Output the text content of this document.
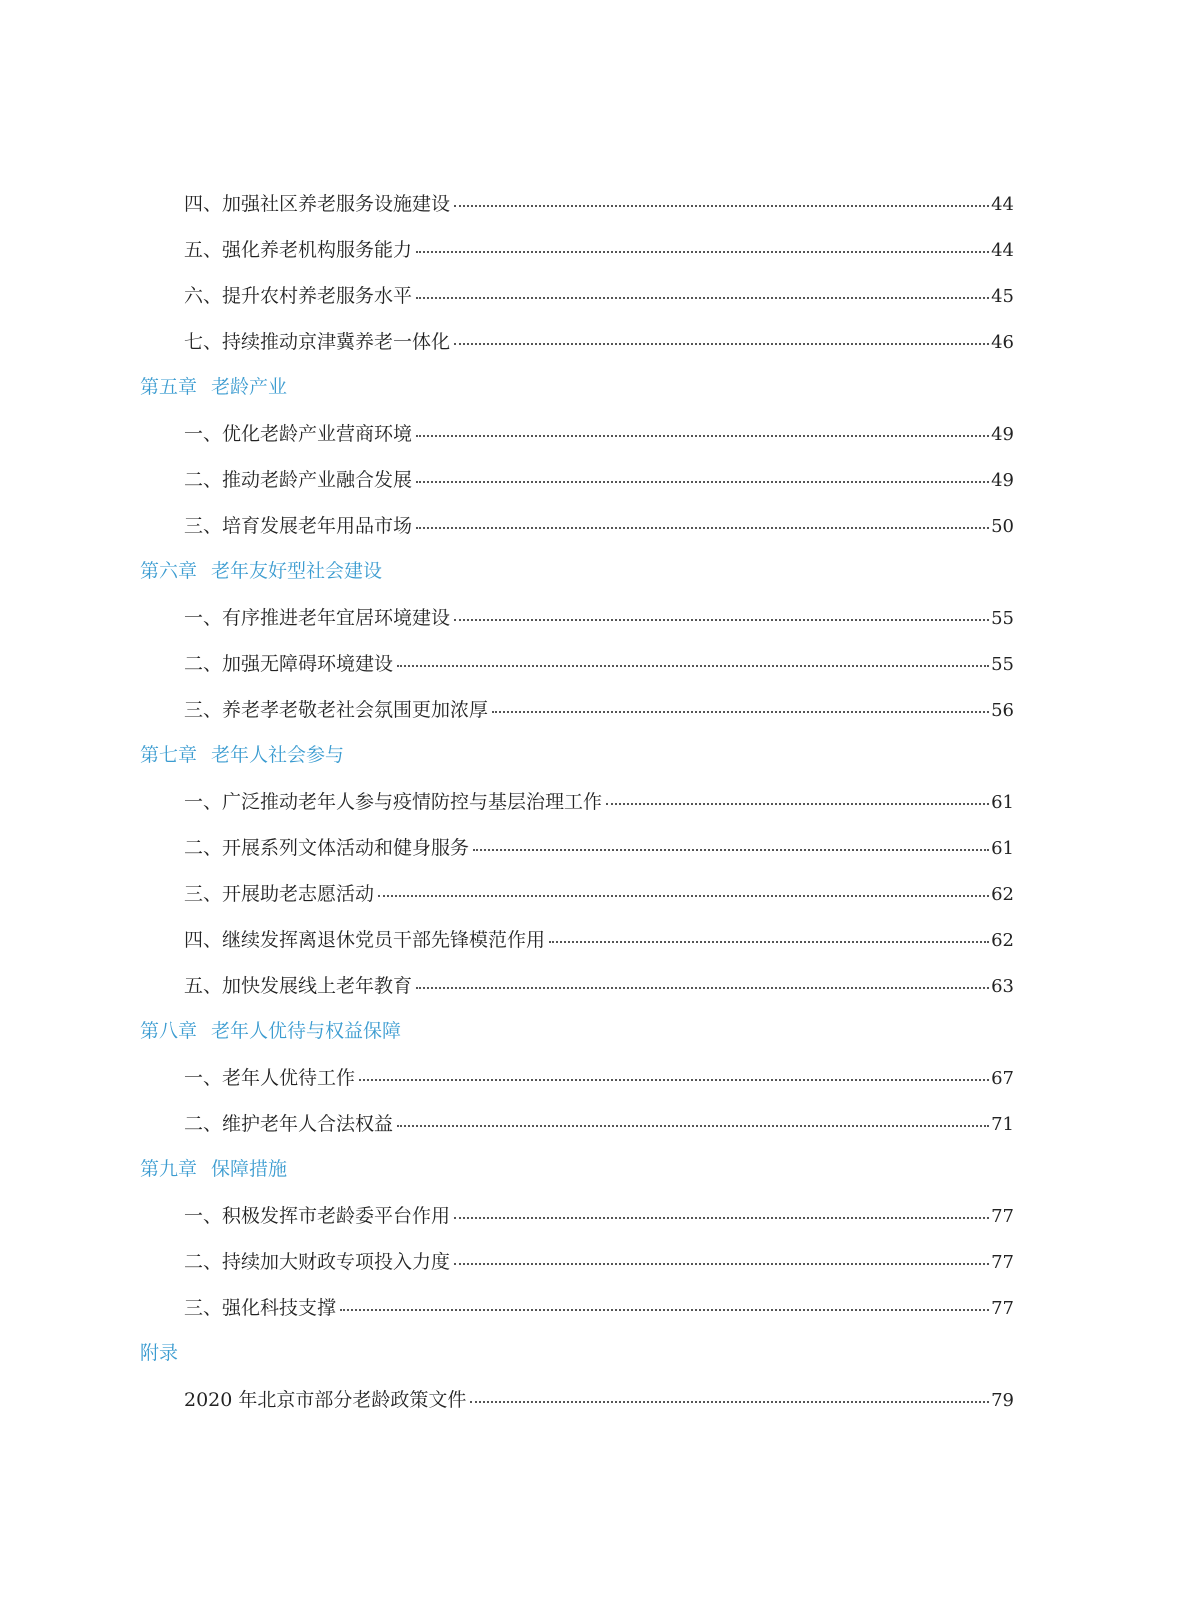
四、加强社区养老服务设施建设	44
五、强化养老机构服务能力	44
六、提升农村养老服务水平	45
七、持续推动京津冀养老一体化	46
第五章 老龄产业
一、优化老龄产业营商环境	49
二、推动老龄产业融合发展	49
三、培育发展老年用品市场	50
第六章 老年友好型社会建设
一、有序推进老年宜居环境建设	55
二、加强无障碍环境建设	55
三、养老孝老敬老社会氛围更加浓厚	56
第七章 老年人社会参与
一、广泛推动老年人参与疫情防控与基层治理工作	61
二、开展系列文体活动和健身服务	61
三、开展助老志愿活动	62
四、继续发挥离退休党员干部先锋模范作用	62
五、加快发展线上老年教育	63
第八章 老年人优待与权益保障
一、老年人优待工作	67
二、维护老年人合法权益	71
第九章 保障措施
一、积极发挥市老龄委平台作用	77
二、持续加大财政专项投入力度	77
三、强化科技支撑	77
附录
2020 年北京市部分老龄政策文件	79
